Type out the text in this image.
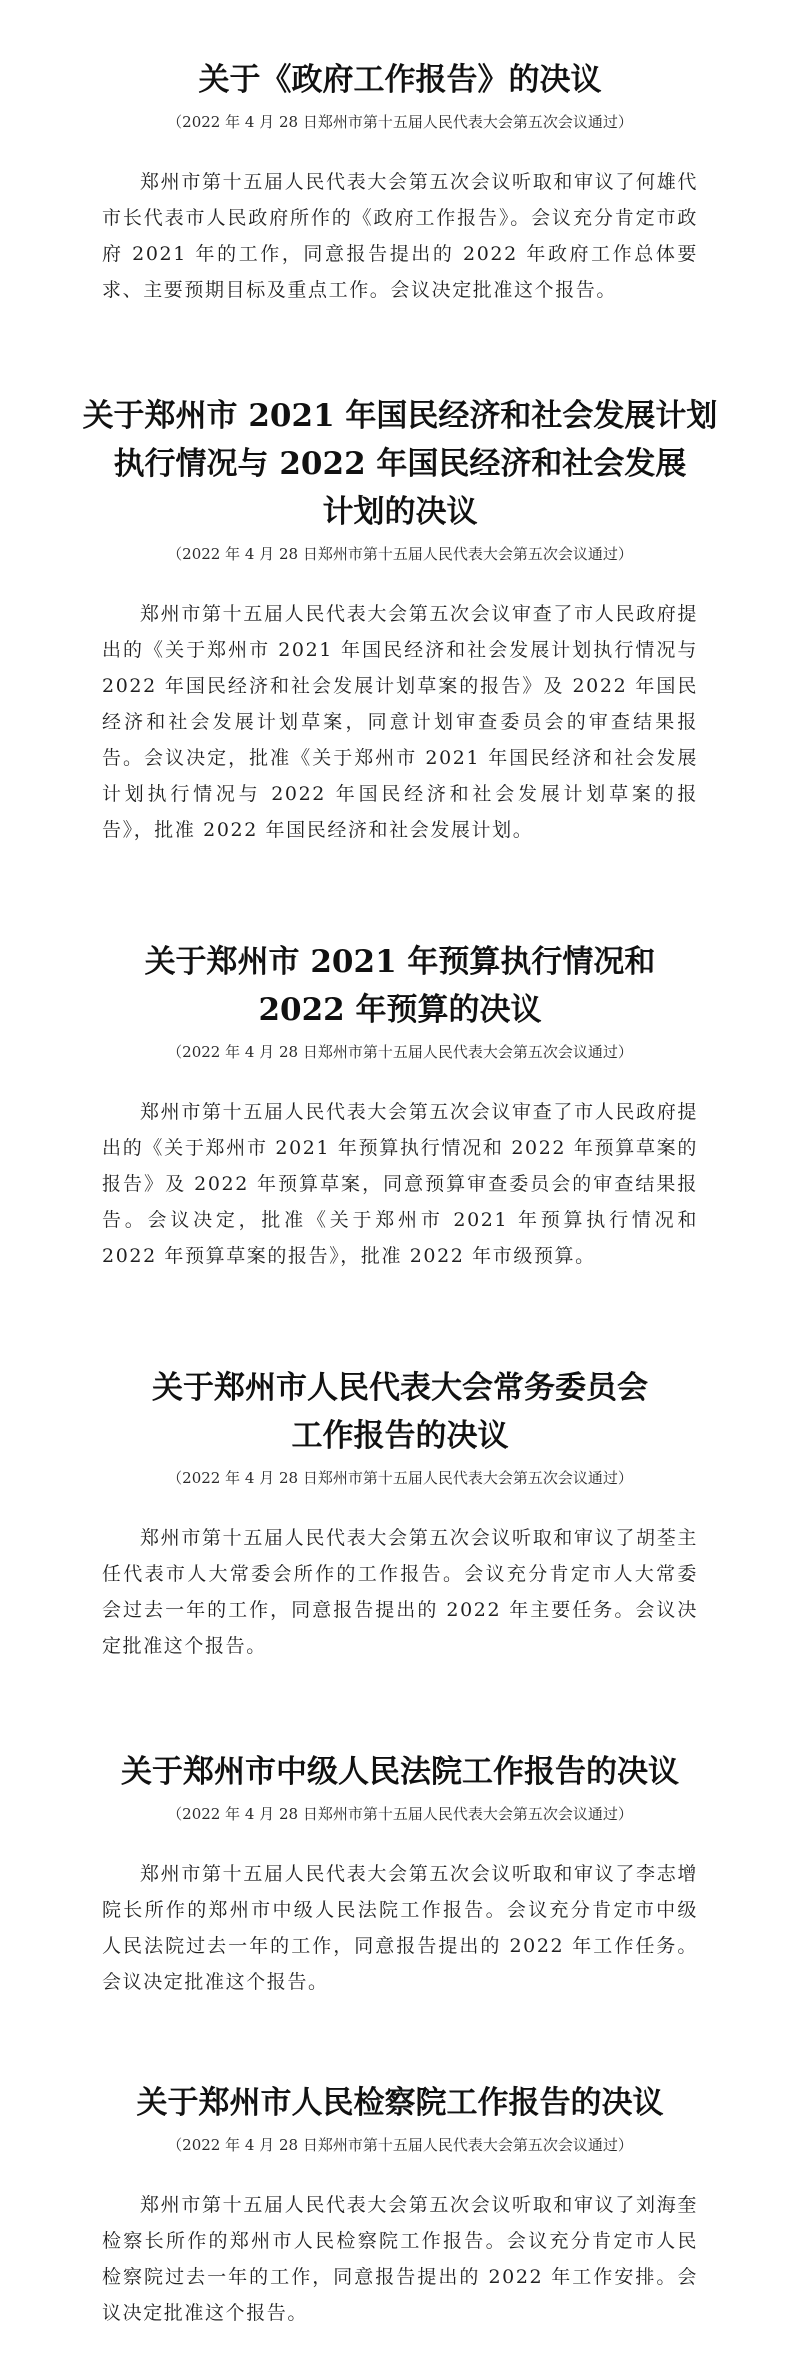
关于《政府工作报告》的决议

（2022 年 4 月 28 日郑州市第十五届人民代表大会第五次会议通过）

郑州市第十五届人民代表大会第五次会议听取和审议了何雄代市长代表市人民政府所作的《政府工作报告》。会议充分肯定市政府 2021 年的工作，同意报告提出的 2022 年政府工作总体要求、主要预期目标及重点工作。会议决定批准这个报告。

关于郑州市 2021 年国民经济和社会发展计划
执行情况与 2022 年国民经济和社会发展
计划的决议

（2022 年 4 月 28 日郑州市第十五届人民代表大会第五次会议通过）

郑州市第十五届人民代表大会第五次会议审查了市人民政府提出的《关于郑州市 2021 年国民经济和社会发展计划执行情况与 2022 年国民经济和社会发展计划草案的报告》及 2022 年国民经济和社会发展计划草案，同意计划审查委员会的审查结果报告。会议决定，批准《关于郑州市 2021 年国民经济和社会发展计划执行情况与 2022 年国民经济和社会发展计划草案的报告》，批准 2022 年国民经济和社会发展计划。

关于郑州市 2021 年预算执行情况和
2022 年预算的决议

（2022 年 4 月 28 日郑州市第十五届人民代表大会第五次会议通过）

郑州市第十五届人民代表大会第五次会议审查了市人民政府提出的《关于郑州市 2021 年预算执行情况和 2022 年预算草案的报告》及 2022 年预算草案，同意预算审查委员会的审查结果报告。会议决定，批准《关于郑州市 2021 年预算执行情况和 2022 年预算草案的报告》，批准 2022 年市级预算。

关于郑州市人民代表大会常务委员会
工作报告的决议

（2022 年 4 月 28 日郑州市第十五届人民代表大会第五次会议通过）

郑州市第十五届人民代表大会第五次会议听取和审议了胡荃主任代表市人大常委会所作的工作报告。会议充分肯定市人大常委会过去一年的工作，同意报告提出的 2022 年主要任务。会议决定批准这个报告。

关于郑州市中级人民法院工作报告的决议

（2022 年 4 月 28 日郑州市第十五届人民代表大会第五次会议通过）

郑州市第十五届人民代表大会第五次会议听取和审议了李志增院长所作的郑州市中级人民法院工作报告。会议充分肯定市中级人民法院过去一年的工作，同意报告提出的 2022 年工作任务。会议决定批准这个报告。

关于郑州市人民检察院工作报告的决议

（2022 年 4 月 28 日郑州市第十五届人民代表大会第五次会议通过）

郑州市第十五届人民代表大会第五次会议听取和审议了刘海奎检察长所作的郑州市人民检察院工作报告。会议充分肯定市人民检察院过去一年的工作，同意报告提出的 2022 年工作安排。会议决定批准这个报告。
